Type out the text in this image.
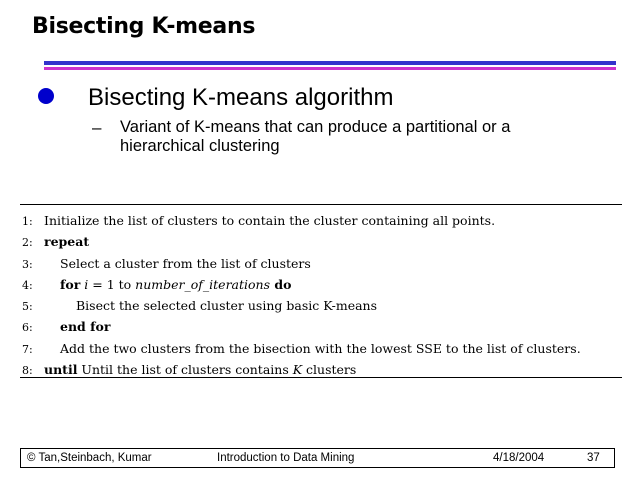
Bisecting K-means
Bisecting K-means algorithm
– Variant of K-means that can produce a partitional or a hierarchical clustering
1: Initialize the list of clusters to contain the cluster containing all points.
2: repeat
3: Select a cluster from the list of clusters
4: for i = 1 to number_of_iterations do
5:	Bisect the selected cluster using basic K-means
6: end for
7: Add the two clusters from the bisection with the lowest SSE to the list of clusters.
8: until Until the list of clusters contains K clusters
© Tan,Steinbach, Kumar	Introduction to Data Mining	4/18/2004	37
